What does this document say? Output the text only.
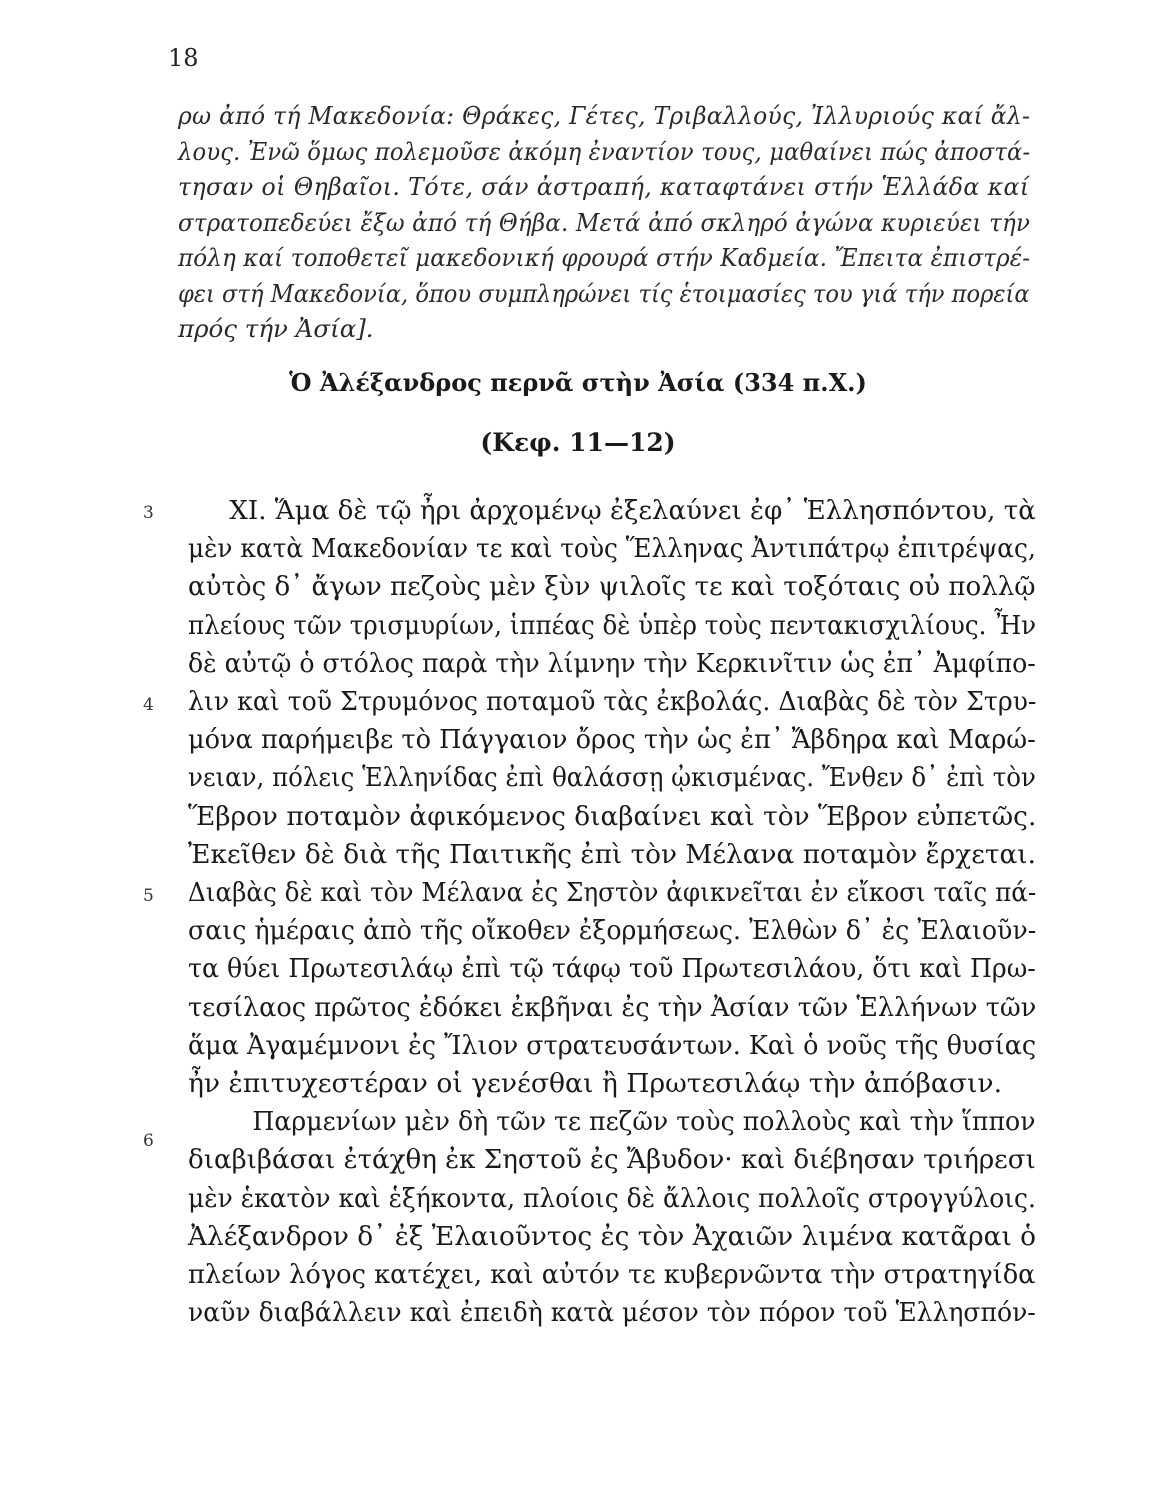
18
ρω ἀπό τή Μακεδονία: Θράκες, Γέτες, Τριβαλλούς, Ἰλλυριούς καί ἄλ-
λους. Ἐνῶ ὅμως πολεμοῦσε ἀκόμη ἐναντίον τους, μαθαίνει πώς ἀποστά-
τησαν οἱ Θηβαῖοι. Τότε, σάν ἀστραπή, καταφτάνει στήν Ἑλλάδα καί
στρατοπεδεύει ἔξω ἀπό τή Θήβα. Μετά ἀπό σκληρό ἀγώνα κυριεύει τήν
πόλη καί τοποθετεῖ μακεδονική φρουρά στήν Καδμεία. Ἔπειτα ἐπιστρέ-
φει στή Μακεδονία, ὅπου συμπληρώνει τίς ἑτοιμασίες του γιά τήν πορεία
πρός τήν Ἀσία].
Ὁ Ἀλέξανδρος περνᾶ στὴν Ἀσία (334 π.Χ.)
(Κεφ. 11—12)
3
4
5
6
ΧΙ. Ἅμα δὲ τῷ ἦρι ἀρχομένῳ ἐξελαύνει ἐφ᾽ Ἑλλησπόντου, τὰ
μὲν κατὰ Μακεδονίαν τε καὶ τοὺς Ἕλληνας Ἀντιπάτρῳ ἐπιτρέψας,
αὐτὸς δ᾽ ἄγων πεζοὺς μὲν ξὺν ψιλοῖς τε καὶ τοξόταις οὐ πολλῷ
πλείους τῶν τρισμυρίων, ἱππέας δὲ ὑπὲρ τοὺς πεντακισχιλίους. Ἦν
δὲ αὐτῷ ὁ στόλος παρὰ τὴν λίμνην τὴν Κερκινῖτιν ὡς ἐπ᾽ Ἀμφίπο-
λιν καὶ τοῦ Στρυμόνος ποταμοῦ τὰς ἐκβολάς. Διαβὰς δὲ τὸν Στρυ-
μόνα παρήμειβε τὸ Πάγγαιον ὄρος τὴν ὡς ἐπ᾽ Ἄβδηρα καὶ Μαρώ-
νειαν, πόλεις Ἑλληνίδας ἐπὶ θαλάσσῃ ᾠκισμένας. Ἔνθεν δ᾽ ἐπὶ τὸν
Ἕβρον ποταμὸν ἀφικόμενος διαβαίνει καὶ τὸν Ἕβρον εὐπετῶς.
Ἐκεῖθεν δὲ διὰ τῆς Παιτικῆς ἐπὶ τὸν Μέλανα ποταμὸν ἔρχεται.
Διαβὰς δὲ καὶ τὸν Μέλανα ἐς Σηστὸν ἀφικνεῖται ἐν εἴκοσι ταῖς πά-
σαις ἡμέραις ἀπὸ τῆς οἴκοθεν ἐξορμήσεως. Ἐλθὼν δ᾽ ἐς Ἐλαιοῦν-
τα θύει Πρωτεσιλάῳ ἐπὶ τῷ τάφῳ τοῦ Πρωτεσιλάου, ὅτι καὶ Πρω-
τεσίλαος πρῶτος ἐδόκει ἐκβῆναι ἐς τὴν Ἀσίαν τῶν Ἑλλήνων τῶν
ἅμα Ἀγαμέμνονι ἐς Ἴλιον στρατευσάντων. Καὶ ὁ νοῦς τῆς θυσίας
ἦν ἐπιτυχεστέραν οἱ γενέσθαι ἢ Πρωτεσιλάῳ τὴν ἀπόβασιν.
Παρμενίων μὲν δὴ τῶν τε πεζῶν τοὺς πολλοὺς καὶ τὴν ἵππον
διαβιβάσαι ἐτάχθη ἐκ Σηστοῦ ἐς Ἄβυδον· καὶ διέβησαν τριήρεσι
μὲν ἑκατὸν καὶ ἑξήκοντα, πλοίοις δὲ ἄλλοις πολλοῖς στρογγύλοις.
Ἀλέξανδρον δ᾽ ἐξ Ἐλαιοῦντος ἐς τὸν Ἀχαιῶν λιμένα κατᾶραι ὁ
πλείων λόγος κατέχει, καὶ αὐτόν τε κυβερνῶντα τὴν στρατηγίδα
ναῦν διαβάλλειν καὶ ἐπειδὴ κατὰ μέσον τὸν πόρον τοῦ Ἑλλησπόν-
